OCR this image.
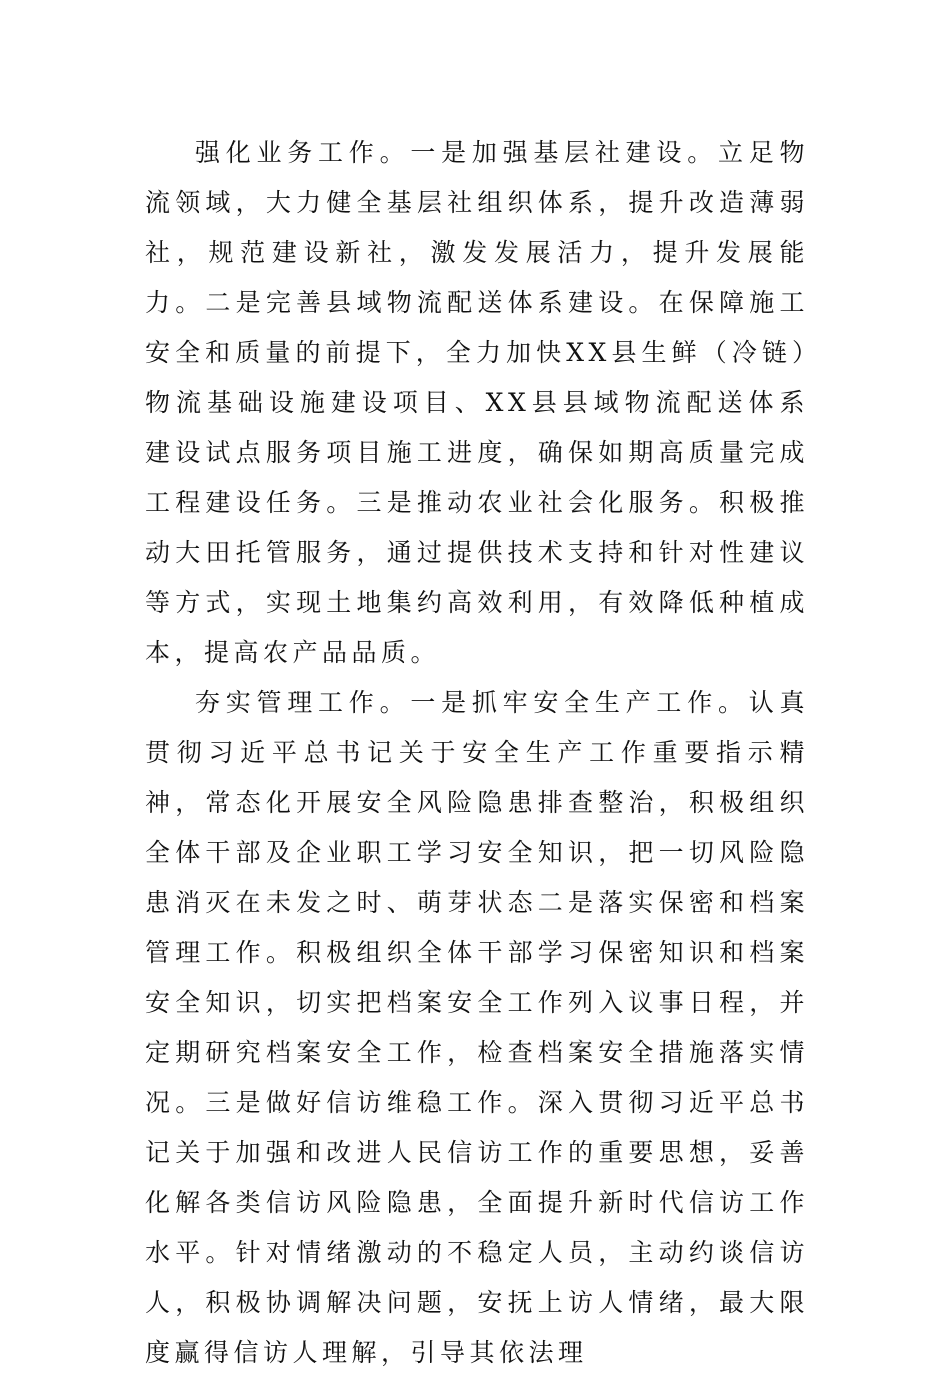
强化业务工作。一是加强基层社建设。立足物流领域，大力健全基层社组织体系，提升改造薄弱社，规范建设新社，激发发展活力，提升发展能力。二是完善县域物流配送体系建设。在保障施工安全和质量的前提下，全力加快XX县生鲜（冷链）物流基础设施建设项目、XX县县域物流配送体系建设试点服务项目施工进度，确保如期高质量完成工程建设任务。三是推动农业社会化服务。积极推动大田托管服务，通过提供技术支持和针对性建议等方式，实现土地集约高效利用，有效降低种植成本，提高农产品品质。

夯实管理工作。一是抓牢安全生产工作。认真贯彻习近平总书记关于安全生产工作重要指示精神，常态化开展安全风险隐患排查整治，积极组织全体干部及企业职工学习安全知识，把一切风险隐患消灭在未发之时、萌芽状态二是落实保密和档案管理工作。积极组织全体干部学习保密知识和档案安全知识，切实把档案安全工作列入议事日程，并定期研究档案安全工作，检查档案安全措施落实情况。三是做好信访维稳工作。深入贯彻习近平总书记关于加强和改进人民信访工作的重要思想，妥善化解各类信访风险隐患，全面提升新时代信访工作水平。针对情绪激动的不稳定人员，主动约谈信访人，积极协调解决问题，安抚上访人情绪，最大限度赢得信访人理解，引导其依法理
